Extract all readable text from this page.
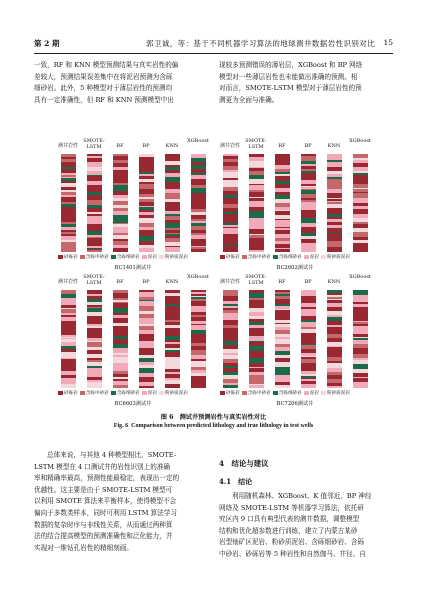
第 2 期	郭卫诚，等：基于不同机器学习算法的地球测井数据岩性识别对比 15
一致，RF 和 KNN 模型预测结果与真实岩性的偏
差较大，预测结果误差集中在将泥岩预测为含砾
细砂岩。此外，5 种模型对于薄层岩性的预测均
具有一定准确性，但 RF 和 KNN 预测模型中出
现较多预测错误的薄岩层，XGBoost 和 BP 网络
模型对一些薄层岩性也未能做出准确的预测。相
对而言，SMOTE-LSTM 模型对于薄层岩性的预
测更为全面与准确。
测井岩性
SMOTE-LSTM	RF	BP	KNN
XGBoost
砂砾岩 含砾中砂岩 含砾细砂岩 泥岩 粉砂质泥岩
BC1401测试井
测井岩性
SMOTE-LSTM	RF	BP	KNN
XGBoost
砂砾岩 含砾中砂岩 含砾细砂岩 泥岩 粉砂质泥岩
BC2602测试井
测井岩性
SMOTE-LSTM	RF	BP	KNN
XGBoost
砂砾岩 含砾中砂岩 含砾细砂岩 泥岩 粉砂质泥岩
BC6603测试井
测井岩性
SMOTE-LSTM	RF	BP	KNN
XGBoost
砂砾岩 含砾中砂岩 含砾细砂岩 泥岩 粉砂质泥岩
BC7206测试井
图 6　测试井预测岩性与真实岩性对比
Fig. 6 Comparison between predicted lithology and true lithology in test wells
总体来说，与其他 4 种模型相比，SMOTE-
LSTM 模型在 4 口测试井的岩性识别上的准确
率和精确率最高，预测性能最稳定，表现出一定的
优越性。这主要是由于 SMOTE-LSTM 模型可
以利用 SMOTE 算法来平衡样本，使得模型不会
偏向于多数类样本，同时可利用 LSTM 算法学习
数据的复杂时序与非线性关系，从而通过两种算
法的结合提高模型的预测准确性和泛化能力，并
实现对一维钻孔岩性的精细刻画。
4　结论与建议
4.1　结论
利用随机森林、XGBoost、K 值邻近、BP 神经
网络及 SMOTE-LSTM 等机器学习算法，依托研
究区内 9 口具有典型代表的测井数据，调整模型
结构和优化超参数进行训练，建立了内蒙古某砂
岩型铀矿区泥岩、粉砂质泥岩、含砾细砂岩、含砾
中砂岩、砂砾岩等 5 种岩性和自然伽马、井径、自
